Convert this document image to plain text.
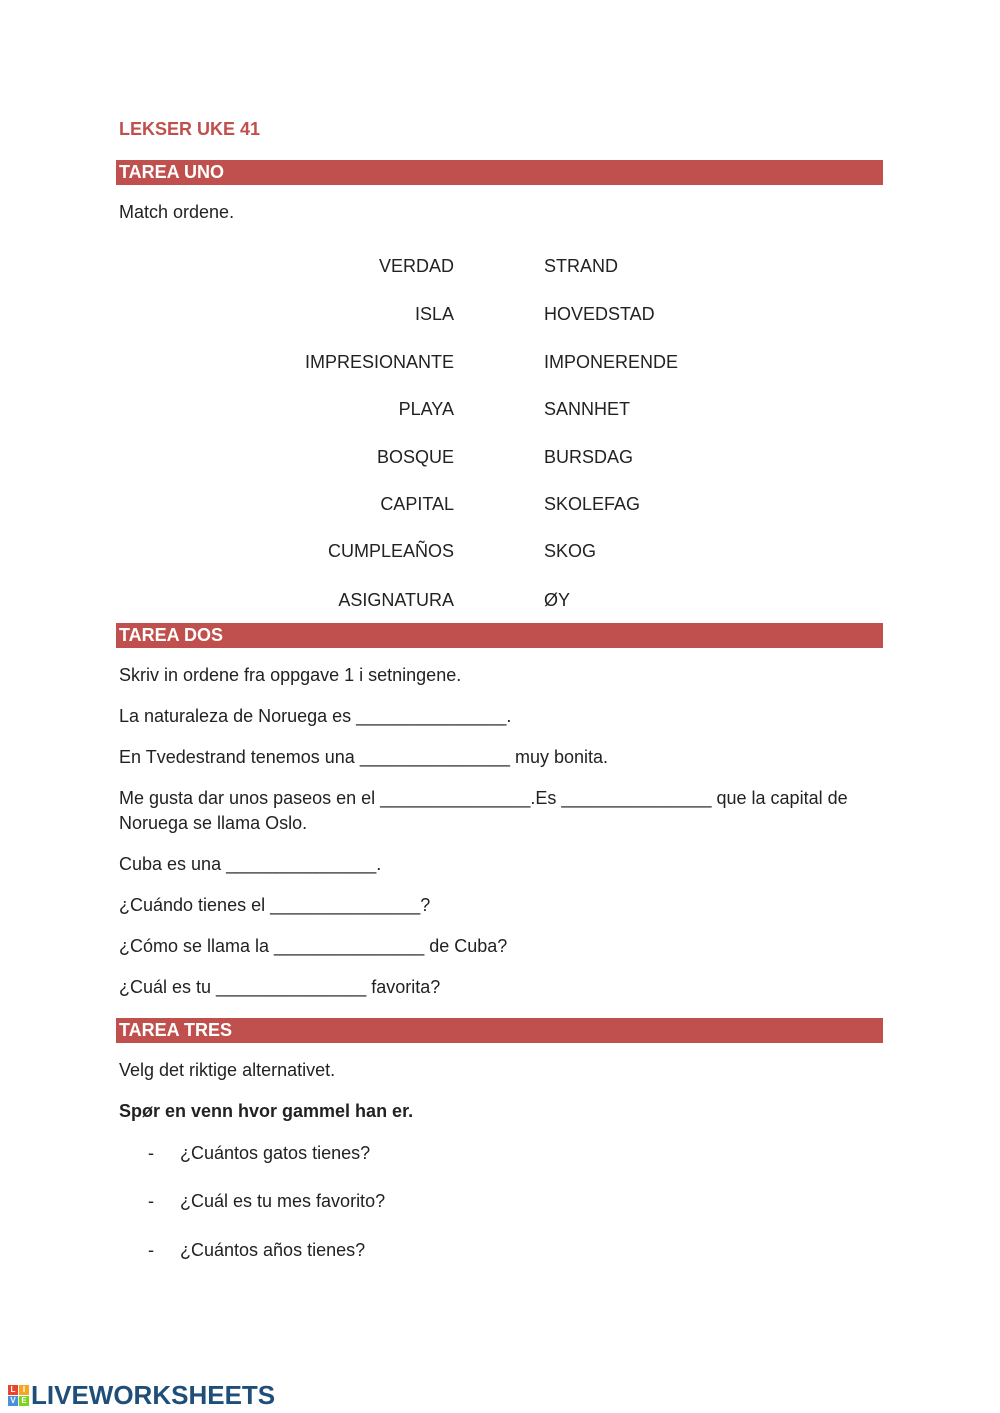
LEKSER UKE 41
TAREA UNO
Match ordene.
VERDAD
ISLA
IMPRESIONANTE
PLAYA
BOSQUE
CAPITAL
CUMPLEAÑOS
ASIGNATURA
STRAND
HOVEDSTAD
IMPONERENDE
SANNHET
BURSDAG
SKOLEFAG
SKOG
ØY
TAREA DOS
Skriv in ordene fra oppgave 1 i setningene.
La naturaleza de Noruega es _______________.
En Tvedestrand tenemos una _______________ muy bonita.
Me gusta dar unos paseos en el _______________.Es _______________ que la capital de Noruega se llama Oslo.
Cuba es una _______________.
¿Cuándo tienes el _______________?
¿Cómo se llama la _______________ de Cuba?
¿Cuál es tu _______________ favorita?
TAREA TRES
Velg det riktige alternativet.
Spør en venn hvor gammel han er.
- ¿Cuántos gatos tienes?
- ¿Cuál es tu mes favorito?
- ¿Cuántos años tienes?
L I
V E LIVEWORKSHEETS
